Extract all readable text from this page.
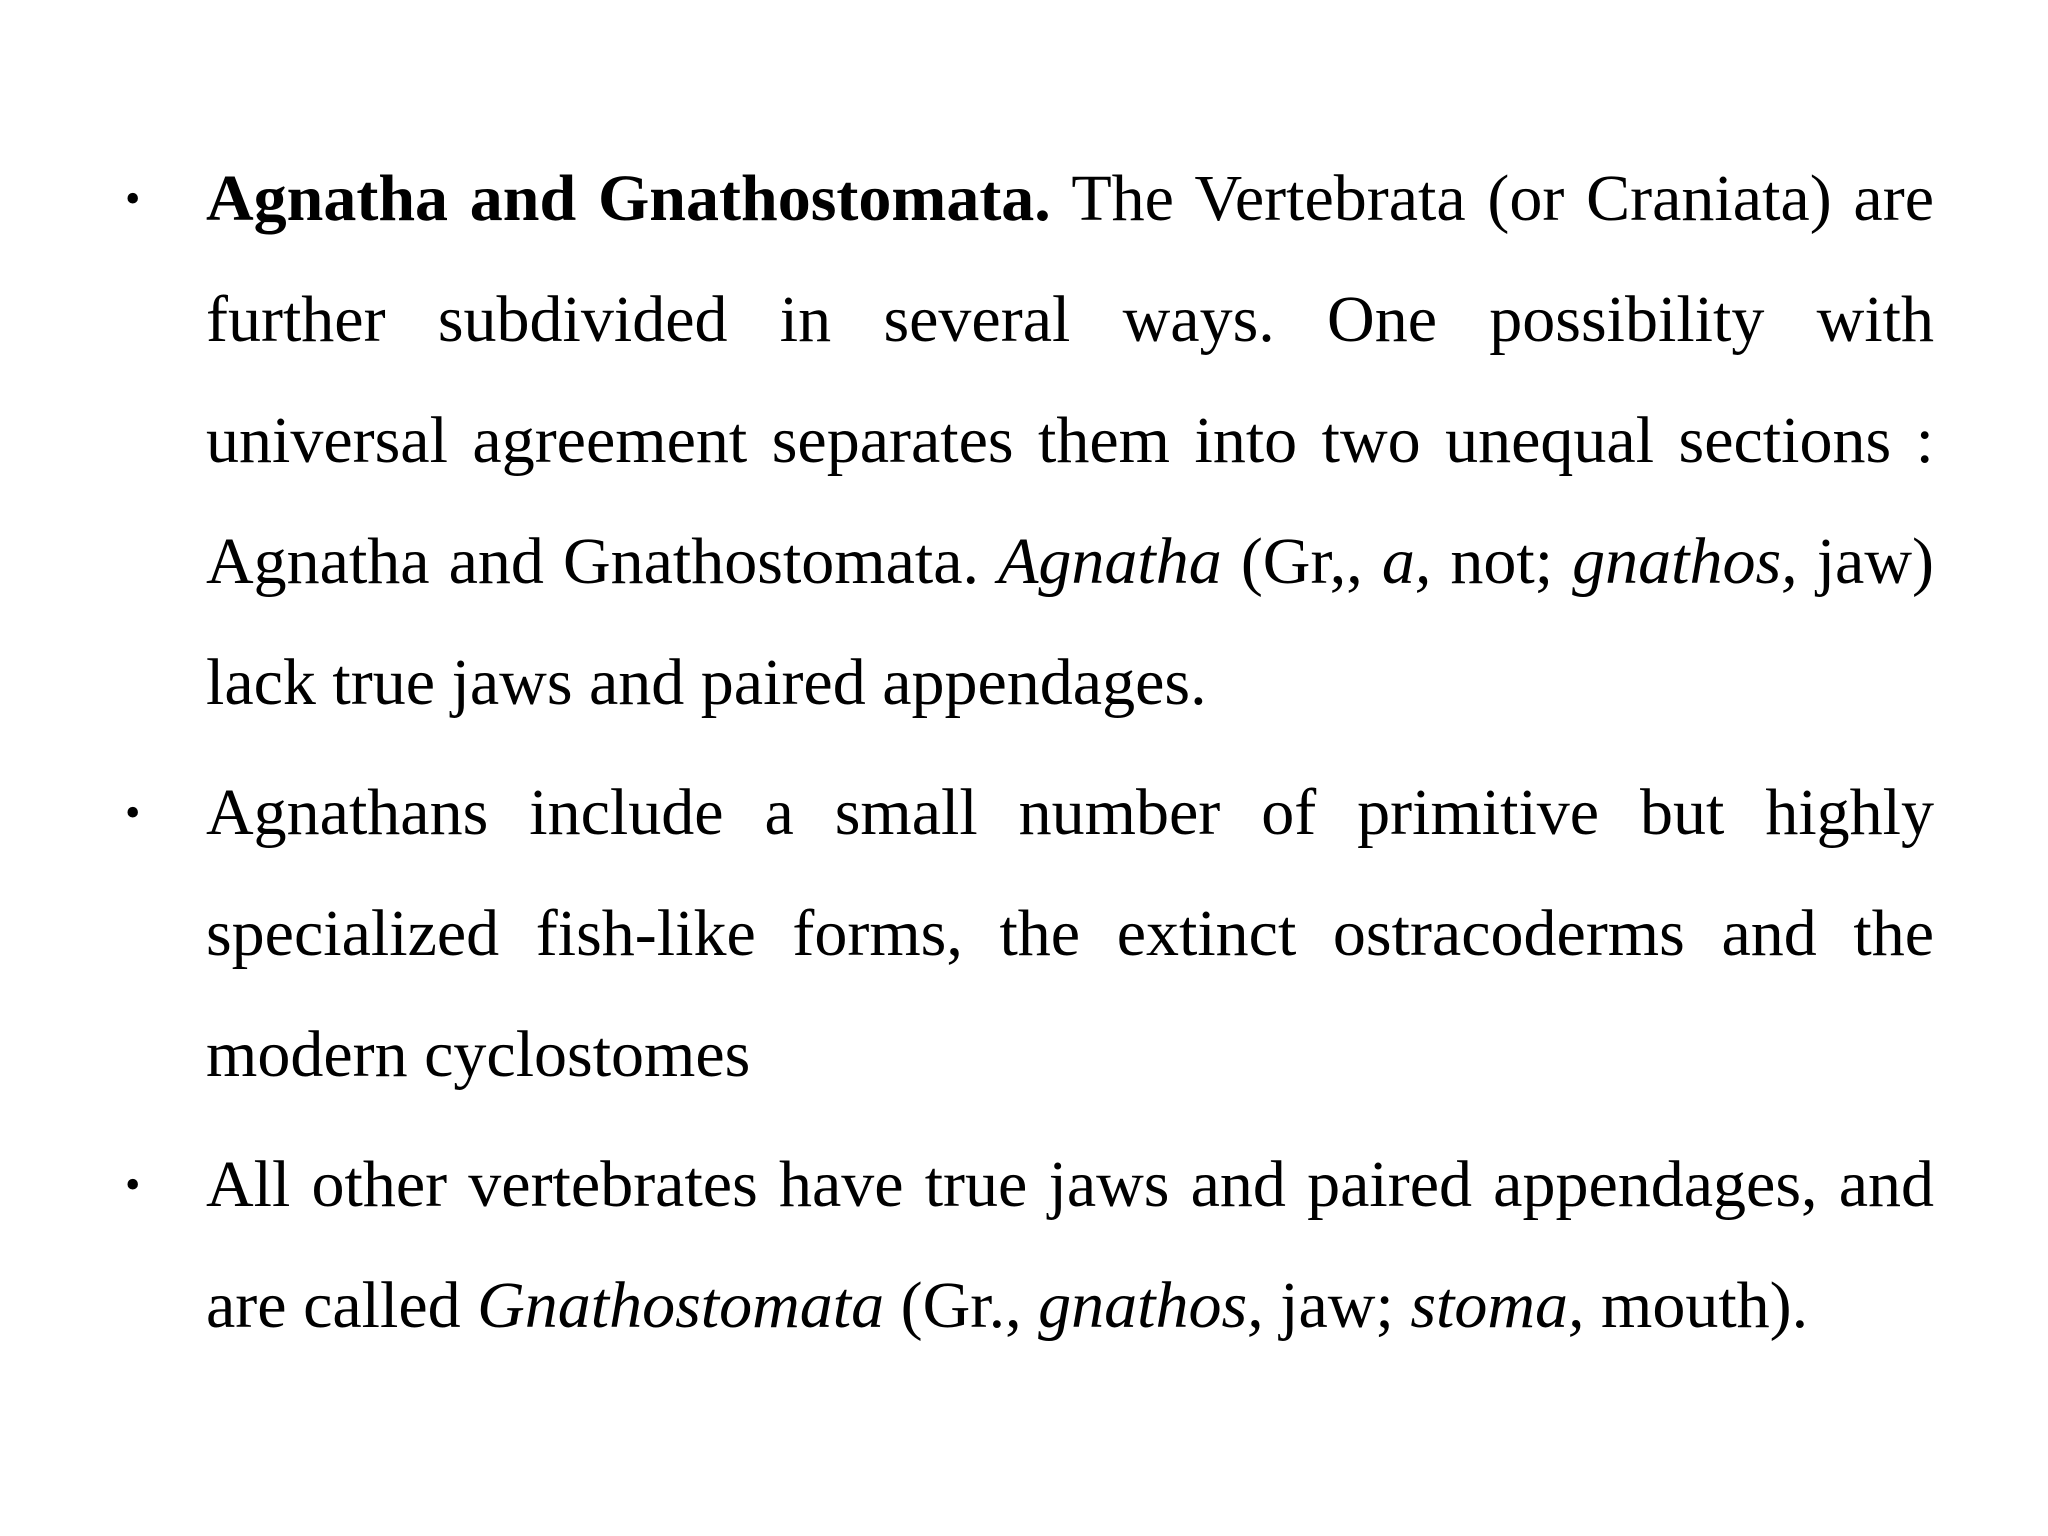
• Agnatha and Gnathostomata. The Vertebrata (or Craniata) are further subdivided in several ways. One possibility with universal agreement separates them into two unequal sections : Agnatha and Gnathostomata. Agnatha (Gr,, a, not; gnathos, jaw) lack true jaws and paired appendages.
• Agnathans include a small number of primitive but highly specialized fish-like forms, the extinct ostracoderms and the modern cyclostomes
• All other vertebrates have true jaws and paired appendages, and are called Gnathostomata (Gr., gnathos, jaw; stoma, mouth).
